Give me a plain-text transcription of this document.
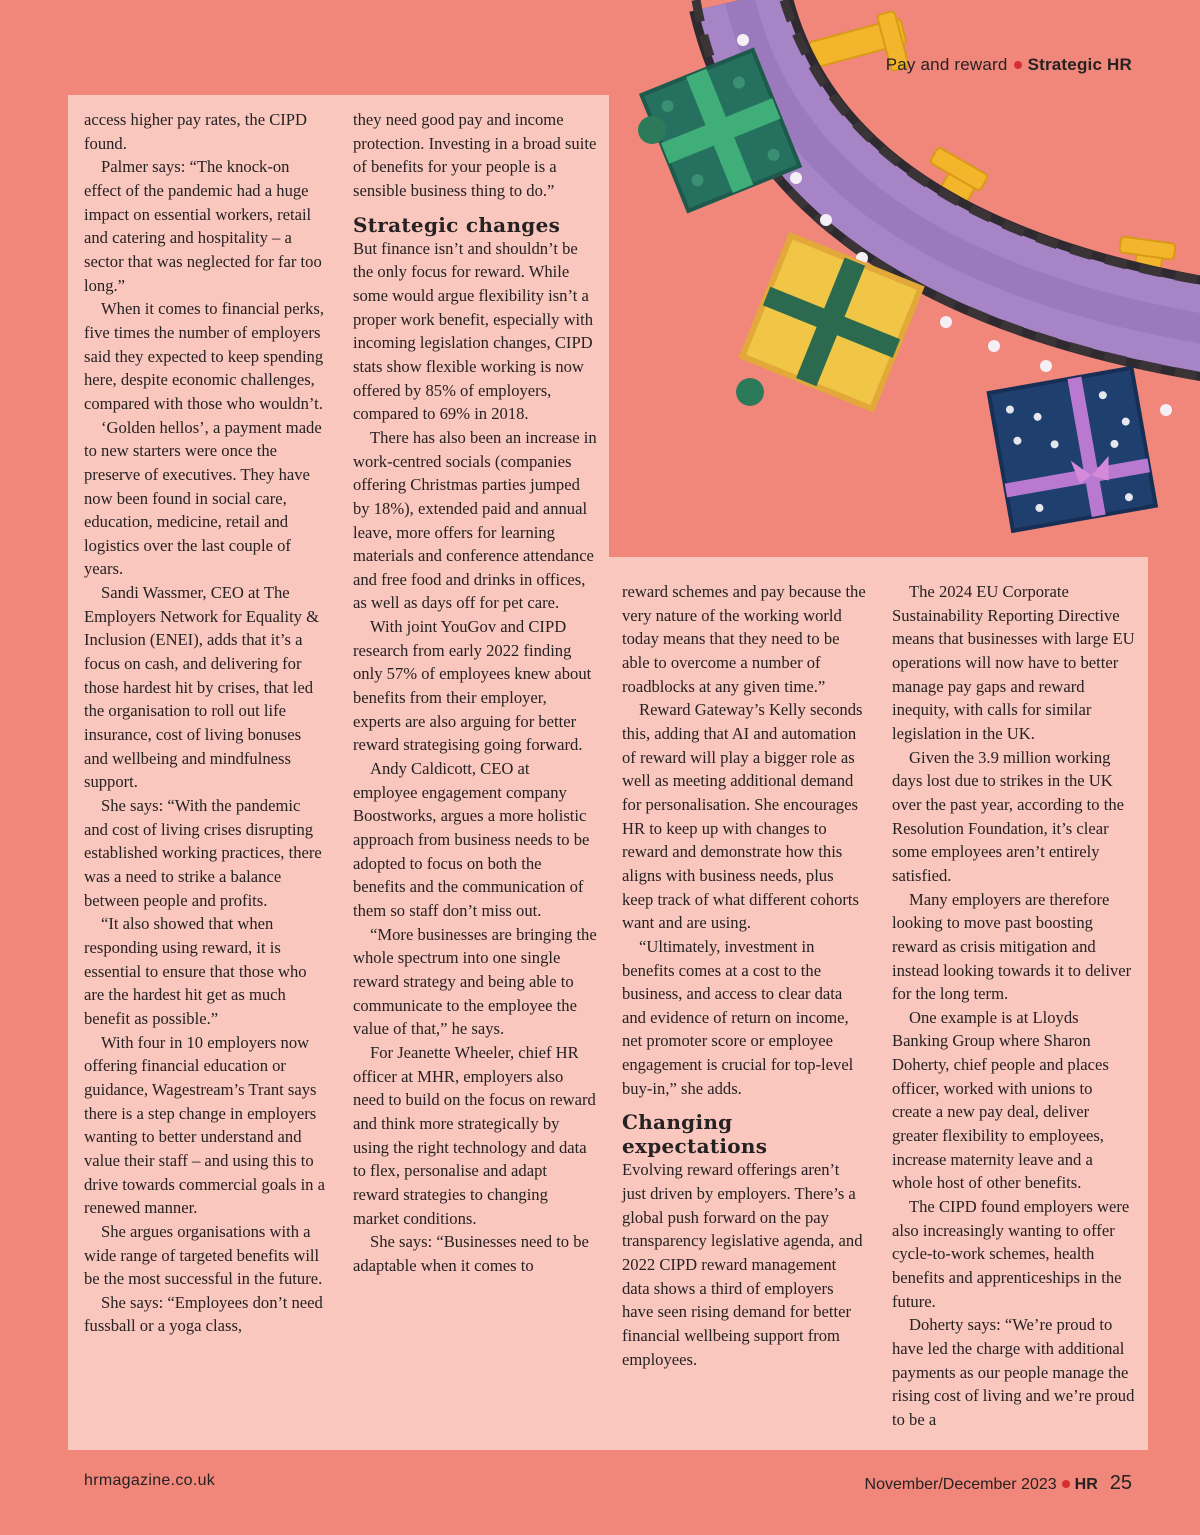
Pay and reward Strategic HR

access higher pay rates, the CIPD found.

Palmer says: “The knock-on effect of the pandemic had a huge impact on essential workers, retail and catering and hospitality – a sector that was neglected for far too long.”

When it comes to financial perks, five times the number of employers said they expected to keep spending here, despite economic challenges, compared with those who wouldn’t.

‘Golden hellos’, a payment made to new starters were once the preserve of executives. They have now been found in social care, education, medicine, retail and logistics over the last couple of years.

Sandi Wassmer, CEO at The Employers Network for Equality & Inclusion (ENEI), adds that it’s a focus on cash, and delivering for those hardest hit by crises, that led the organisation to roll out life insurance, cost of living bonuses and wellbeing and mindfulness support.

She says: “With the pandemic and cost of living crises disrupting established working practices, there was a need to strike a balance between people and profits.

“It also showed that when responding using reward, it is essential to ensure that those who are the hardest hit get as much benefit as possible.”

With four in 10 employers now offering financial education or guidance, Wagestream’s Trant says there is a step change in employers wanting to better understand and value their staff – and using this to drive towards commercial goals in a renewed manner.

She argues organisations with a wide range of targeted benefits will be the most successful in the future.

She says: “Employees don’t need fussball or a yoga class,

they need good pay and income protection. Investing in a broad suite of benefits for your people is a sensible business thing to do.”

Strategic changes

But finance isn’t and shouldn’t be the only focus for reward. While some would argue flexibility isn’t a proper work benefit, especially with incoming legislation changes, CIPD stats show flexible working is now offered by 85% of employers, compared to 69% in 2018.

There has also been an increase in work-centred socials (companies offering Christmas parties jumped by 18%), extended paid and annual leave, more offers for learning materials and conference attendance and free food and drinks in offices, as well as days off for pet care.

With joint YouGov and CIPD research from early 2022 finding only 57% of employees knew about benefits from their employer, experts are also arguing for better reward strategising going forward.

Andy Caldicott, CEO at employee engagement company Boostworks, argues a more holistic approach from business needs to be adopted to focus on both the benefits and the communication of them so staff don’t miss out.

“More businesses are bringing the whole spectrum into one single reward strategy and being able to communicate to the employee the value of that,” he says.

For Jeanette Wheeler, chief HR officer at MHR, employers also need to build on the focus on reward and think more strategically by using the right technology and data to flex, personalise and adapt reward strategies to changing market conditions.

She says: “Businesses need to be adaptable when it comes to

reward schemes and pay because the very nature of the working world today means that they need to be able to overcome a number of roadblocks at any given time.”

Reward Gateway’s Kelly seconds this, adding that AI and automation of reward will play a bigger role as well as meeting additional demand for personalisation. She encourages HR to keep up with changes to reward and demonstrate how this aligns with business needs, plus keep track of what different cohorts want and are using.

“Ultimately, investment in benefits comes at a cost to the business, and access to clear data and evidence of return on income, net promoter score or employee engagement is crucial for top-level buy-in,” she adds.

Changing expectations

Evolving reward offerings aren’t just driven by employers. There’s a global push forward on the pay transparency legislative agenda, and 2022 CIPD reward management data shows a third of employers have seen rising demand for better financial wellbeing support from employees.

The 2024 EU Corporate Sustainability Reporting Directive means that businesses with large EU operations will now have to better manage pay gaps and reward inequity, with calls for similar legislation in the UK.

Given the 3.9 million working days lost due to strikes in the UK over the past year, according to the Resolution Foundation, it’s clear some employees aren’t entirely satisfied.

Many employers are therefore looking to move past boosting reward as crisis mitigation and instead looking towards it to deliver for the long term.

One example is at Lloyds Banking Group where Sharon Doherty, chief people and places officer, worked with unions to create a new pay deal, deliver greater flexibility to employees, increase maternity leave and a whole host of other benefits.

The CIPD found employers were also increasingly wanting to offer cycle-to-work schemes, health benefits and apprenticeships in the future.

Doherty says: “We’re proud to have led the charge with additional payments as our people manage the rising cost of living and we’re proud to be a

hrmagazine.co.uk	November/December 2023 HR 25
